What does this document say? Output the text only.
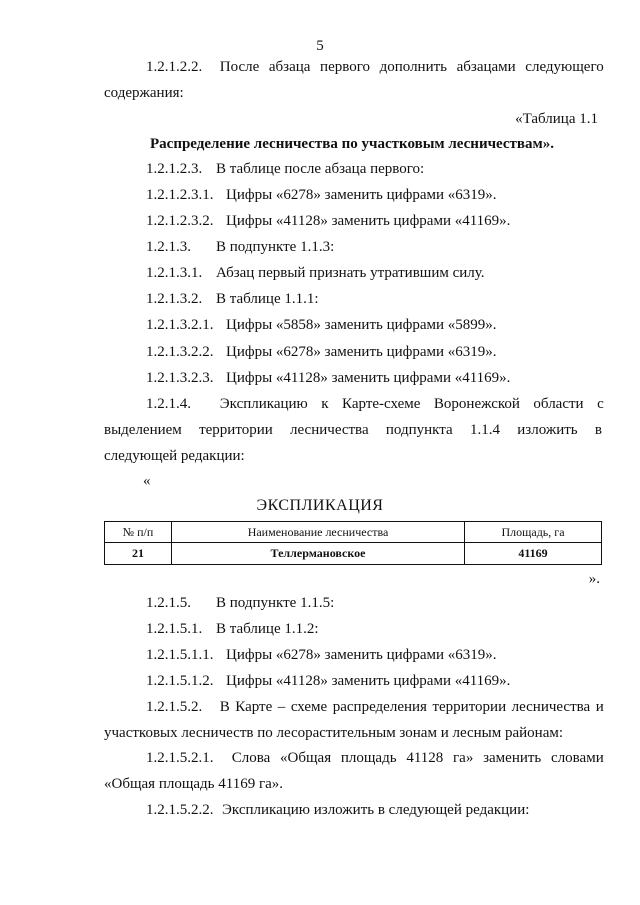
5
1.2.1.2.2. После абзаца первого дополнить абзацами следующего
содержания:
«Таблица 1.1
Распределение лесничества по участковым лесничествам».
1.2.1.2.3. В таблице после абзаца первого:
1.2.1.2.3.1. Цифры «6278» заменить цифрами «6319».
1.2.1.2.3.2. Цифры «41128» заменить цифрами «41169».
1.2.1.3. В подпункте 1.1.3:
1.2.1.3.1. Абзац первый признать утратившим силу.
1.2.1.3.2. В таблице 1.1.1:
1.2.1.3.2.1. Цифры «5858» заменить цифрами «5899».
1.2.1.3.2.2. Цифры «6278» заменить цифрами «6319».
1.2.1.3.2.3. Цифры «41128» заменить цифрами «41169».
1.2.1.4. Экспликацию к Карте-схеме Воронежской области с
выделением территории лесничества подпункта 1.1.4 изложить в
следующей редакции:
«
ЭКСПЛИКАЦИЯ
№ п/п	Наименование лесничества	Площадь, га
21	Теллермановское	41169
».
1.2.1.5. В подпункте 1.1.5:
1.2.1.5.1. В таблице 1.1.2:
1.2.1.5.1.1. Цифры «6278» заменить цифрами «6319».
1.2.1.5.1.2. Цифры «41128» заменить цифрами «41169».
1.2.1.5.2. В Карте – схеме распределения территории лесничества и
участковых лесничеств по лесорастительным зонам и лесным районам:
1.2.1.5.2.1. Слова «Общая площадь 41128 га» заменить словами
«Общая площадь 41169 га».
1.2.1.5.2.2. Экспликацию изложить в следующей редакции:
